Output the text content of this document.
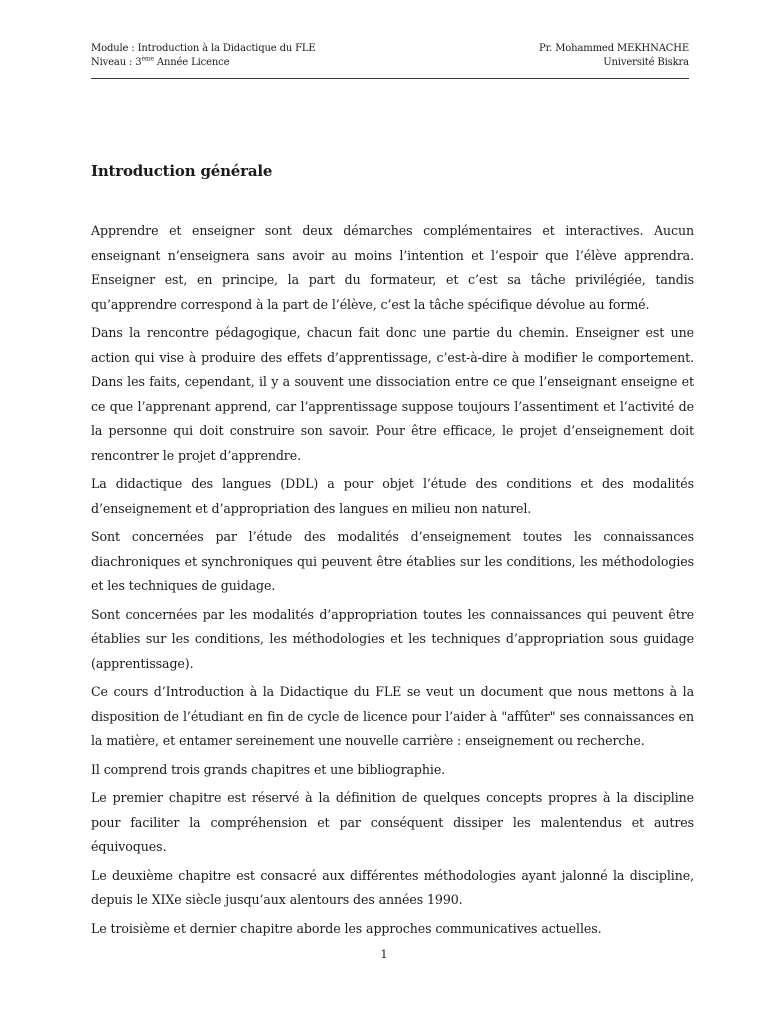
Module : Introduction à la Didactique du FLE	Pr. Mohammed MEKHNACHE
Niveau : 3ème Année Licence	Université Biskra
Introduction générale

Apprendre et enseigner sont deux démarches complémentaires et interactives. Aucun enseignant n’enseignera sans avoir au moins l’intention et l’espoir que l’élève apprendra. Enseigner est, en principe, la part du formateur, et c’est sa tâche privilégiée, tandis qu’apprendre correspond à la part de l’élève, c’est la tâche spécifique dévolue au formé.

Dans la rencontre pédagogique, chacun fait donc une partie du chemin. Enseigner est une action qui vise à produire des effets d’apprentissage, c’est-à-dire à modifier le comportement. Dans les faits, cependant, il y a souvent une dissociation entre ce que l’enseignant enseigne et ce que l’apprenant apprend, car l’apprentissage suppose toujours l’assentiment et l’activité de la personne qui doit construire son savoir. Pour être efficace, le projet d’enseignement doit rencontrer le projet d’apprendre.

La didactique des langues (DDL) a pour objet l’étude des conditions et des modalités d’enseignement et d’appropriation des langues en milieu non naturel.

Sont concernées par l’étude des modalités d’enseignement toutes les connaissances diachroniques et synchroniques qui peuvent être établies sur les conditions, les méthodologies et les techniques de guidage.

Sont concernées par les modalités d’appropriation toutes les connaissances qui peuvent être établies sur les conditions, les méthodologies et les techniques d’appropriation sous guidage (apprentissage).

Ce cours d’Introduction à la Didactique du FLE se veut un document que nous mettons à la disposition de l’étudiant en fin de cycle de licence pour l’aider à "affûter" ses connaissances en la matière, et entamer sereinement une nouvelle carrière : enseignement ou recherche.

Il comprend trois grands chapitres et une bibliographie.

Le premier chapitre est réservé à la définition de quelques concepts propres à la discipline pour faciliter la compréhension et par conséquent dissiper les malentendus et autres équivoques.

Le deuxième chapitre est consacré aux différentes méthodologies ayant jalonné la discipline, depuis le XIXe siècle jusqu’aux alentours des années 1990.

Le troisième et dernier chapitre aborde les approches communicatives actuelles.

1
